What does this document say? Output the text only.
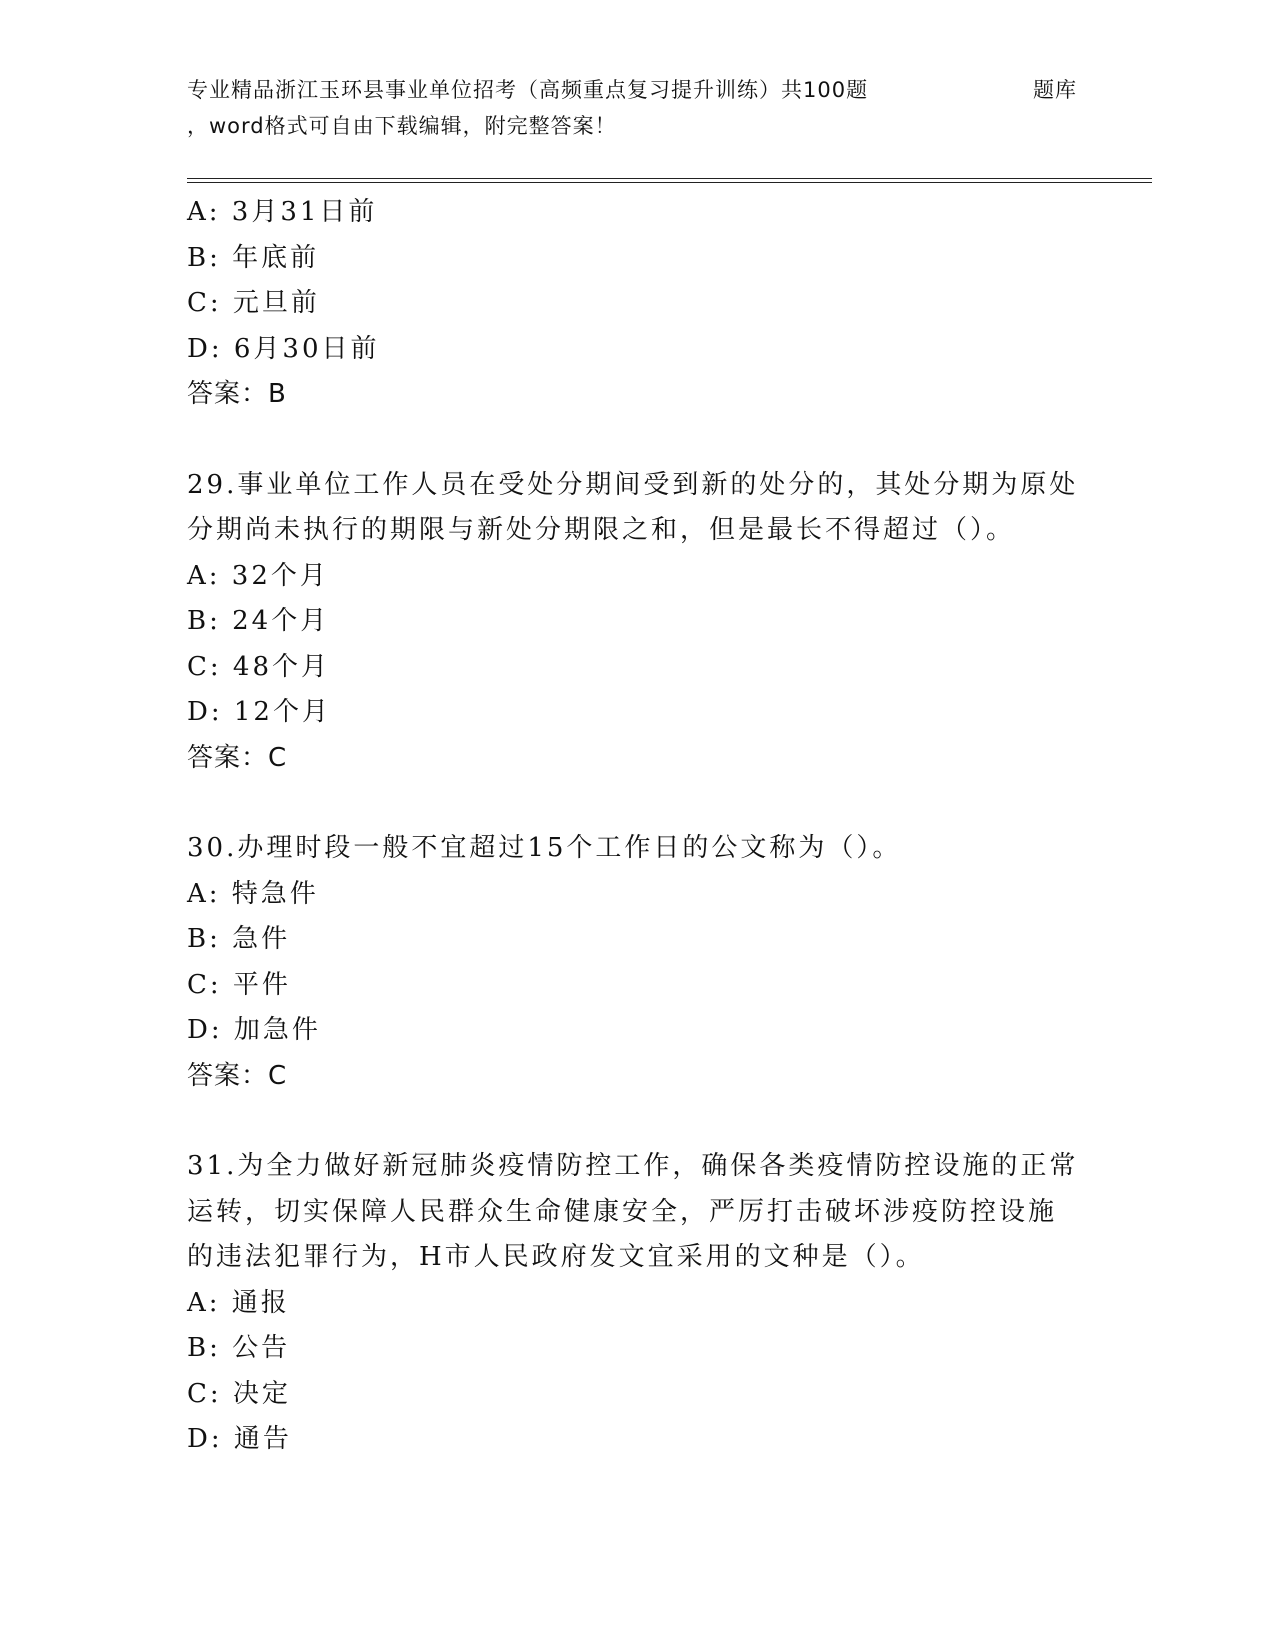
专业精品浙江玉环县事业单位招考（高频重点复习提升训练）共100题	题库
，word格式可自由下载编辑，附完整答案！
A: 3月31日前
B: 年底前
C: 元旦前
D: 6月30日前
答案：B
29.事业单位工作人员在受处分期间受到新的处分的，其处分期为原处
分期尚未执行的期限与新处分期限之和，但是最长不得超过（）。
A: 32个月
B: 24个月
C: 48个月
D: 12个月
答案：C
30.办理时段一般不宜超过15个工作日的公文称为（）。
A: 特急件
B: 急件
C: 平件
D: 加急件
答案：C
31.为全力做好新冠肺炎疫情防控工作，确保各类疫情防控设施的正常
运转，切实保障人民群众生命健康安全，严厉打击破坏涉疫防控设施
的违法犯罪行为，H市人民政府发文宜采用的文种是（）。
A: 通报
B: 公告
C: 决定
D: 通告
